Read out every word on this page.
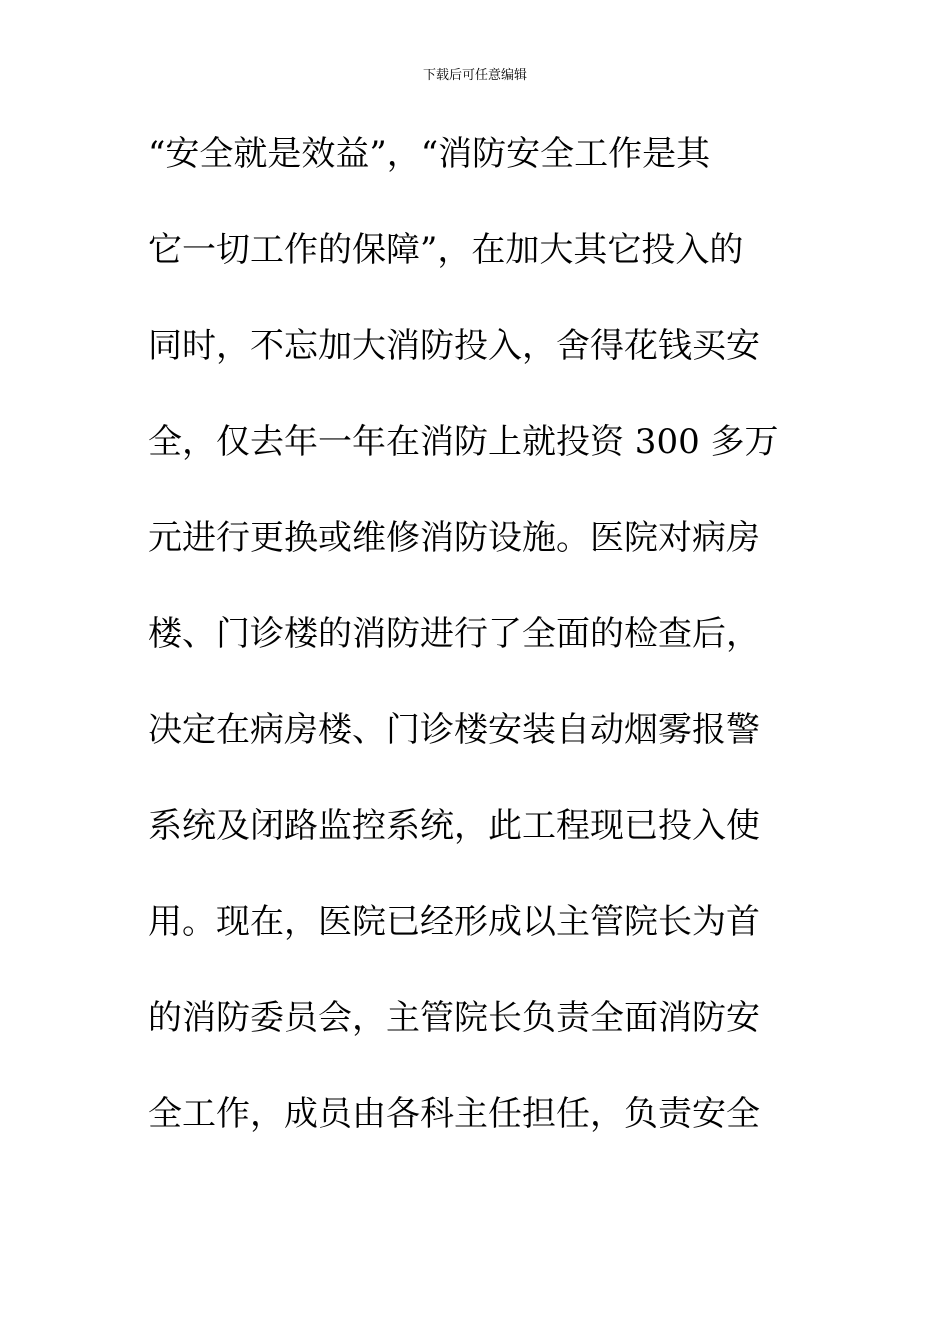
下载后可任意编辑
“安全就是效益”，“消防安全工作是其
它一切工作的保障”，在加大其它投入的
同时，不忘加大消防投入，舍得花钱买安
全，仅去年一年在消防上就投资 300 多万
元进行更换或维修消防设施。医院对病房
楼、门诊楼的消防进行了全面的检查后，
决定在病房楼、门诊楼安装自动烟雾报警
系统及闭路监控系统，此工程现已投入使
用。现在，医院已经形成以主管院长为首
的消防委员会，主管院长负责全面消防安
全工作，成员由各科主任担任，负责安全
